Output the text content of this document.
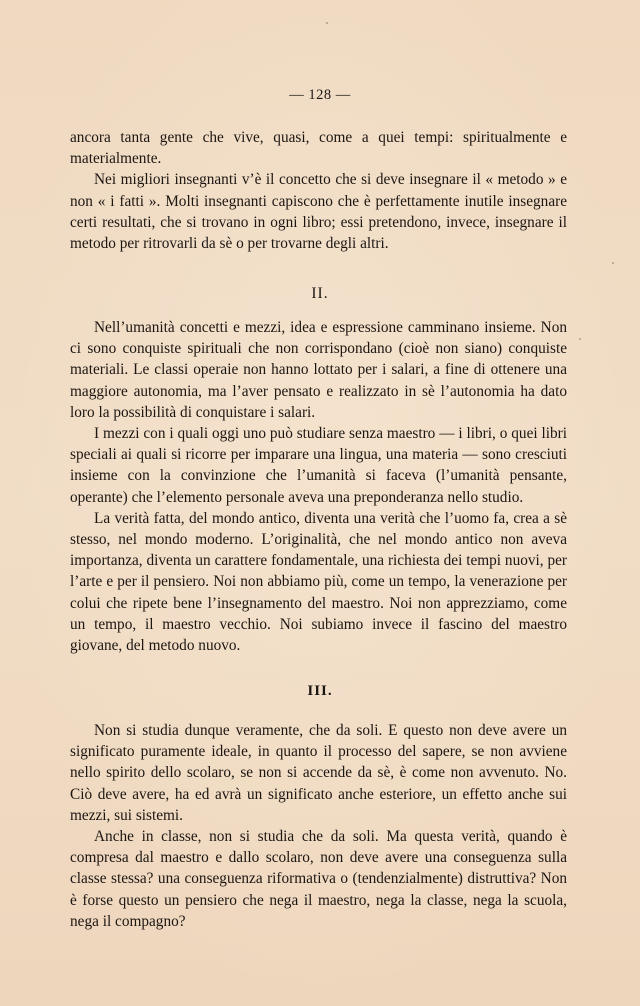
— 128 —

ancora tanta gente che vive, quasi, come a quei tempi: spiritualmente e materialmente.

Nei migliori insegnanti v’è il concetto che si deve insegnare il « metodo » e non « i fatti ». Molti insegnanti capiscono che è perfettamente inutile insegnare certi resultati, che si trovano in ogni libro; essi pretendono, invece, insegnare il metodo per ritrovarli da sè o per trovarne degli altri.

II.

Nell’umanità concetti e mezzi, idea e espressione camminano insieme. Non ci sono conquiste spirituali che non corrispondano (cioè non siano) conquiste materiali. Le classi operaie non hanno lottato per i salari, a fine di ottenere una maggiore autonomia, ma l’aver pensato e realizzato in sè l’autonomia ha dato loro la possibilità di conquistare i salari.

I mezzi con i quali oggi uno può studiare senza maestro — i libri, o quei libri speciali ai quali si ricorre per imparare una lingua, una materia — sono cresciuti insieme con la convinzione che l’umanità si faceva (l’umanità pensante, operante) che l’elemento personale aveva una preponderanza nello studio.

La verità fatta, del mondo antico, diventa una verità che l’uomo fa, crea a sè stesso, nel mondo moderno. L’originalità, che nel mondo antico non aveva importanza, diventa un carattere fondamentale, una richiesta dei tempi nuovi, per l’arte e per il pensiero. Noi non abbiamo più, come un tempo, la venerazione per colui che ripete bene l’insegnamento del maestro. Noi non apprezziamo, come un tempo, il maestro vecchio. Noi subiamo invece il fascino del maestro giovane, del metodo nuovo.

III.

Non si studia dunque veramente, che da soli. E questo non deve avere un significato puramente ideale, in quanto il processo del sapere, se non avviene nello spirito dello scolaro, se non si accende da sè, è come non avvenuto. No. Ciò deve avere, ha ed avrà un significato anche esteriore, un effetto anche sui mezzi, sui sistemi.

Anche in classe, non si studia che da soli. Ma questa verità, quando è compresa dal maestro e dallo scolaro, non deve avere una conseguenza sulla classe stessa? una conseguenza riformativa o (tendenzialmente) distruttiva? Non è forse questo un pensiero che nega il maestro, nega la classe, nega la scuola, nega il compagno?
